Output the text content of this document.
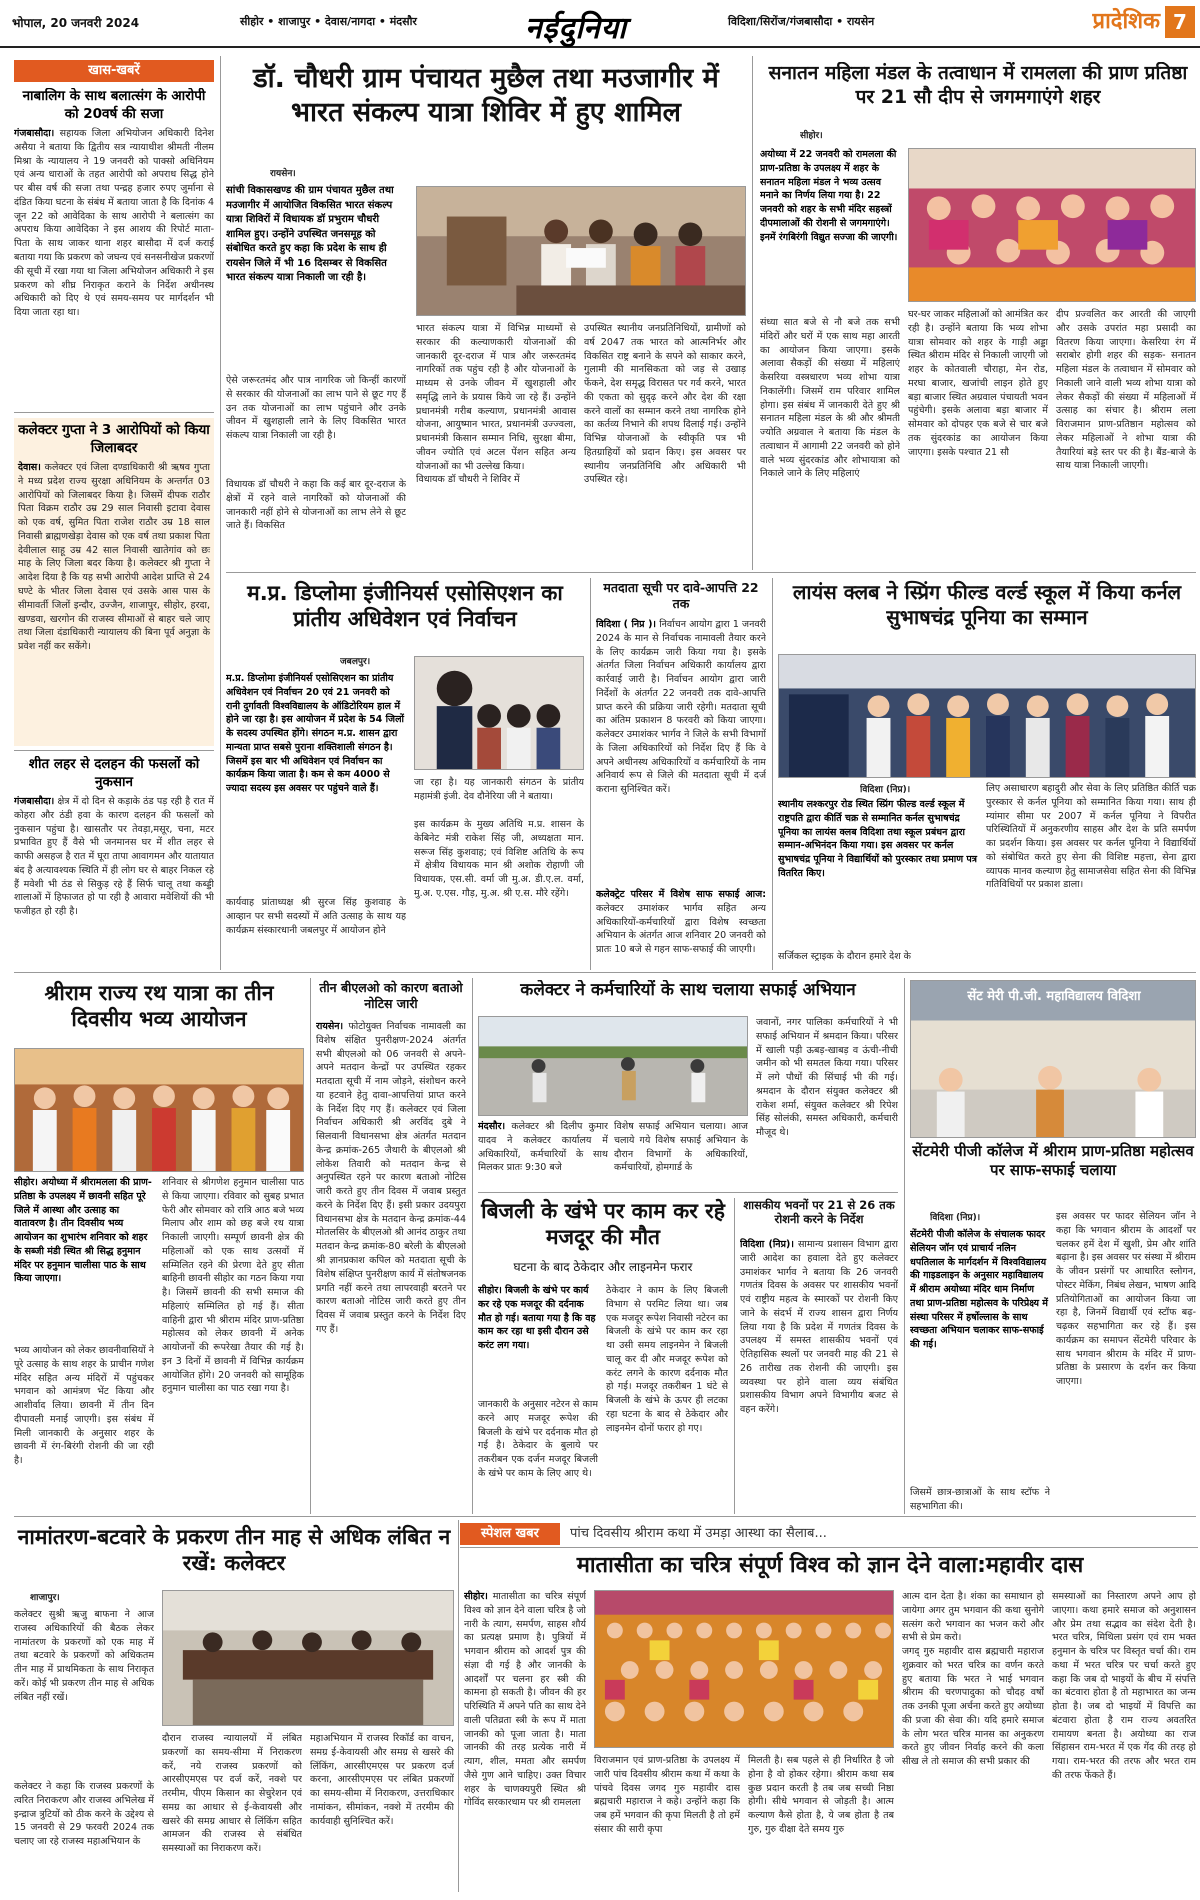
भोपाल, 20 जनवरी 2024	सीहोर • शाजापुर • देवास/नागदा • मंदसौर	नईदुनिया	विदिशा/सिरोंज/गंजबासौदा • रायसेन	प्रादेशिक 7
खास-खबरें
नाबालिग के साथ बलात्संग के आरोपी को 20वर्ष की सजा
गंजबासौदा। सहायक जिला अभियोजन अधिकारी दिनेश असैया ने बताया कि द्वितीय सत्र न्यायाधीश श्रीमती नीलम मिश्रा के न्यायालय ने 19 जनवरी को पाक्सो अधिनियम एवं अन्य धाराओं के तहत आरोपी को अपराध सिद्ध होने पर बीस वर्ष की सजा तथा पन्द्रह हजार रुपए जुर्माना से दंडित किया घटना के संबंध में बताया जाता है कि दिनांक 4 जून 22 को आवेदिका के साथ आरोपी ने बलात्संग का अपराध किया आवेदिका ने इस आशय की रिपोर्ट माता-पिता के साथ जाकर थाना शहर बासौदा में दर्ज कराई बताया गया कि प्रकरण को जघन्य एवं सनसनीखेज प्रकरणों की सूची में रखा गया था जिला अभियोजन अधिकारी ने इस प्रकरण को शीघ्र निराकृत कराने के निर्देश अधीनस्थ अधिकारी को दिए थे एवं समय-समय पर मार्गदर्शन भी दिया जाता रहा था।
कलेक्टर गुप्ता ने 3 आरोपियों को किया जिलाबदर
देवास। कलेक्टर एवं जिला दण्डाधिकारी श्री ऋषव गुप्ता ने मध्य प्रदेश राज्य सुरक्षा अधिनियम के अन्तर्गत 03 आरोपियों को जिलाबदर किया है। जिसमें दीपक राठौर पिता विक्रम राठौर उम्र 29 साल निवासी इटावा देवास को एक वर्ष, सुमित पिता राजेश राठौर उम्र 18 साल निवासी ब्राह्मणखेड़ा देवास को एक वर्ष तथा प्रकाश पिता देवीलाल साहू उम्र 42 साल निवासी खातेगांव को छः माह के लिए जिला बदर किया है। कलेक्टर श्री गुप्ता ने आदेश दिया है कि यह सभी आरोपी आदेश प्राप्ति से 24 घण्टे के भीतर जिला देवास एवं उसके आस पास के सीमावर्ती जिलों इन्दौर, उज्जैन, शाजापुर, सीहोर, हरदा, खण्डवा, खरगोन की राजस्व सीमाओं से बाहर चले जाए तथा जिला दंडाधिकारी न्यायालय की बिना पूर्व अनुज्ञा के प्रवेश नहीं कर सकेंगे।
शीत लहर से दलहन की फसलों को नुकसान
गंजबासौदा। क्षेत्र में दो दिन से कड़ाके ठंड पड़ रही है रात में कोहरा और ठंडी हवा के कारण दलहन की फसलों को नुकसान पहुंचा है। खासतौर पर तेवड़ा,मसूर, चना, मटर प्रभावित हुए हैं वैसे भी जनमानस घर में शीत लहर से काफी असहज है रात में घूरा तापा आवागमन और यातायात बंद है अत्यावश्यक स्थिति में ही लोग घर से बाहर निकल रहे हैं मवेशी भी ठंड से सिकुड़ रहे हैं सिर्फ चालू तथा कब्ड्डी शालाओं में हिफाजत हो पा रही है आवारा मवेशियों की भी फजीहत हो रही है।
डॉ. चौधरी ग्राम पंचायत मुछैल तथा मउजागीर में भारत संकल्प यात्रा शिविर में हुए शामिल
रायसेन।
सांची विकासखण्ड की ग्राम पंचायत मुछैल तथा मउजागीर में आयोजित विकसित भारत संकल्प यात्रा शिविरों में विधायक डॉ प्रभुराम चौधरी शामिल हुए। उन्होंने उपस्थित जनसमूह को संबोधित करते हुए कहा कि प्रदेश के साथ ही रायसेन जिले में भी 16 दिसम्बर से विकसित भारत संकल्प यात्रा निकाली जा रही है।
ऐसे जरूरतमंद और पात्र नागरिक जो किन्हीं कारणों से सरकार की योजनाओं का लाभ पाने से छूट गए हैं उन तक योजनाओं का लाभ पहुंचाने और उनके जीवन में खुशहाली लाने के लिए विकसित भारत संकल्प यात्रा निकाली जा रही है।
विधायक डॉ चौधरी ने कहा कि कई बार दूर-दराज के क्षेत्रों में रहने वाले नागरिकों को योजनाओं की जानकारी नहीं होने से योजनाओं का लाभ लेने से छूट जाते हैं। विकसित
भारत संकल्प यात्रा में विभिन्न माध्यमों से सरकार की कल्याणकारी योजनाओं की जानकारी दूर-दराज में पात्र और जरूरतमंद नागरिकों तक पहुंच रही है और योजनाओं के माध्यम से उनके जीवन में खुशहाली और समृद्धि लाने के प्रयास किये जा रहे हैं। उन्होंने प्रधानमंत्री गरीब कल्याण, प्रधानमंत्री आवास योजना, आयुष्मान भारत, प्रधानमंत्री उज्ज्वला, प्रधानमंत्री किसान सम्मान निधि, सुरक्षा बीमा, जीवन ज्योति एवं अटल पेंशन सहित अन्य योजनाओं का भी उल्लेख किया।
विधायक डॉ चौधरी ने शिविर में
उपस्थित स्थानीय जनप्रतिनिधियों, ग्रामीणों को वर्ष 2047 तक भारत को आत्मनिर्भर और विकसित राष्ट्र बनाने के सपने को साकार करने, गुलामी की मानसिकता को जड़ से उखाड़ फेंकने, देश समृद्ध विरासत पर गर्व करने, भारत की एकता को सुदृढ़ करने और देश की रक्षा करने वालों का सम्मान करने तथा नागरिक होने का कर्तव्य निभाने की शपथ दिलाई गई। उन्होंने विभिन्न योजनाओं के स्वीकृति पत्र भी हितग्राहियों को प्रदान किए। इस अवसर पर स्थानीय जनप्रतिनिधि और अधिकारी भी उपस्थित रहे।
सनातन महिला मंडल के तत्वाधान में रामलला की प्राण प्रतिष्ठा पर 21 सौ दीप से जगमगाएंगे शहर
सीहोर।
अयोध्या में 22 जनवरी को रामलला की प्राण-प्रतिष्ठा के उपलक्ष्य में शहर के सनातन महिला मंडल ने भव्य उत्सव मनाने का निर्णय लिया गया है। 22 जनवरी को शहर के सभी मंदिर सहस्त्रों दीपमालाओं की रोशनी से जगमगाएंगे। इनमें रंगबिरंगी विद्युत सज्जा की जाएगी।
संध्या सात बजे से नौ बजे तक सभी मंदिरों और घरों में एक साथ महा आरती का आयोजन किया जाएगा। इसके अलावा सैकड़ों की संख्या में महिलाएं केसरिया वस्त्रधारण भव्य शोभा यात्रा निकालेंगी। जिसमें राम परिवार शामिल होगा। इस संबंध में जानकारी देते हुए श्री सनातन महिला मंडल के श्री और श्रीमती ज्योति अग्रवाल ने बताया कि मंडल के तत्वाधान में आगामी 22 जनवरी को होने वाले भव्य सुंदरकांड और शोभायात्रा को निकाले जाने के लिए महिलाएं
घर-घर जाकर महिलाओं को आमंत्रित कर रही है। उन्होंने बताया कि भव्य शोभा यात्रा सोमवार को शहर के गाड़ी अड्डा स्थित श्रीराम मंदिर से निकाली जाएगी जो शहर के कोतवाली चौराहा, मेन रोड, मरघा बाजार, खजांची लाइन होते हुए बड़ा बाजार स्थित अग्रवाल पंचायती भवन पहुंचेगी। इसके अलावा बड़ा बाजार में सोमवार को दोपहर एक बजे से चार बजे तक सुंदरकांड का आयोजन किया जाएगा। इसके पश्चात 21 सौ
दीप प्रज्वलित कर आरती की जाएगी और उसके उपरांत महा प्रसादी का वितरण किया जाएगा। केसरिया रंग में सराबोर होगी शहर की सड़क- सनातन महिला मंडल के तत्वाधान में सोमवार को निकाली जाने वाली भव्य शोभा यात्रा को लेकर सैकड़ों की संख्या में महिलाओं में उत्साह का संचार है। श्रीराम लला विराजमान प्राण-प्रतिष्ठान महोत्सव को लेकर महिलाओं ने शोभा यात्रा की तैयारियां बड़े स्तर पर की है। बैंड-बाजे के साथ यात्रा निकाली जाएगी।
म.प्र. डिप्लोमा इंजीनियर्स एसोसिएशन का प्रांतीय अधिवेशन एवं निर्वाचन
जबलपुर।
म.प्र. डिप्लोमा इंजीनियर्स एसोसिएशन का प्रांतीय अधिवेशन एवं निर्वाचन 20 एवं 21 जनवरी को रानी दुर्गावती विश्वविद्यालय के ऑडिटोरियम हाल में होने जा रहा है। इस आयोजन में प्रदेश के 54 जिलों के सदस्य उपस्थित होंगे। संगठन म.प्र. शासन द्वारा मान्यता प्राप्त सबसे पुराना शक्तिशाली संगठन है। जिसमें इस बार भी अधिवेशन एवं निर्वाचन का कार्यक्रम किया जाता है। कम से कम 4000 से ज्यादा सदस्य इस अवसर पर पहुंचने वाले हैं।
कार्यवाह प्रांताध्यक्ष श्री सुरज सिंह कुशवाह के आव्हान पर सभी सदस्यों में अति उत्साह के साथ यह कार्यक्रम संस्कारधानी जबलपुर में आयोजन होने
जा रहा है। यह जानकारी संगठन के प्रांतीय महामंत्री इंजी. देव दौनेरिया जी ने बताया।
इस कार्यक्रम के मुख्य अतिथि म.प्र. शासन के केबिनेट मंत्री राकेश सिंह जी, अध्यक्षता मान. सरूज सिंह कुशवाह; एवं विशिष्ट अतिथि के रूप में क्षेत्रीय विधायक मान श्री अशोक रोहाणी जी विधायक, एस.सी. वर्मा जी मु.अ. डी.ए.ल. वर्मा, मु.अ. ए.एस. गौड़, मु.अ. श्री ए.स. मौरे रहेंगे।
मतदाता सूची पर दावे-आपत्ति 22 तक
विदिशा ( निप्र )। निर्वाचन आयोग द्वारा 1 जनवरी 2024 के मान से निर्वाचक नामावली तैयार करने के लिए कार्यक्रम जारी किया गया है। इसके अंतर्गत जिला निर्वाचन अधिकारी कार्यालय द्वारा कार्रवाई जारी है। निर्वाचन आयोग द्वारा जारी निर्देशों के अंतर्गत 22 जनवरी तक दावे-आपत्ति प्राप्त करने की प्रक्रिया जारी रहेगी। मतदाता सूची का अंतिम प्रकाशन 8 फरवरी को किया जाएगा। कलेक्टर उमाशंकर भार्गव ने जिले के सभी विभागों के जिला अधिकारियों को निर्देश दिए हैं कि वे अपने अधीनस्थ अधिकारियों व कर्मचारियों के नाम अनिवार्य रूप से जिले की मतदाता सूची में दर्ज कराना सुनिश्चित करें।
कलेक्ट्रेट परिसर में विशेष साफ सफाई आज: कलेक्टर उमाशंकर भार्गव सहित अन्य अधिकारियों-कर्मचारियों द्वारा विशेष स्वच्छता अभियान के अंतर्गत आज शनिवार 20 जनवरी को प्रातः 10 बजे से गहन साफ-सफाई की जाएगी।
लायंस क्लब ने स्प्रिंग फील्ड वर्ल्ड स्कूल में किया कर्नल सुभाषचंद्र पूनिया का सम्मान
विदिशा (निप्र)।
स्थानीय लश्करपुर रोड स्थित स्प्रिंग फील्ड वर्ल्ड स्कूल में राष्ट्रपति द्वारा कीर्ति चक्र से सम्मानित कर्नल सुभाषचंद्र पूनिया का लायंस क्लब विदिशा तथा स्कूल प्रबंधन द्वारा सम्मान-अभिनंदन किया गया। इस अवसर पर कर्नल सुभाषचंद्र पूनिया ने विद्यार्थियों को पुरस्कार तथा प्रमाण पत्र वितरित किए।
सर्जिकल स्ट्राइक के दौरान हमारे देश के
लिए असाधारण बहादुरी और सेवा के लिए प्रतिष्ठित कीर्ति चक्र पुरस्कार से कर्नल पूनिया को सम्मानित किया गया। साथ ही म्यांमार सीमा पर 2007 में कर्नल पूनिया ने विपरीत परिस्थितियों में अनुकरणीय साहस और देश के प्रति समर्पण का प्रदर्शन किया। इस अवसर पर कर्नल पूनिया ने विद्यार्थियों को संबोधित करते हुए सेना की विशिष्ट महत्ता, सेना द्वारा व्यापक मानव कल्याण हेतु सामाजसेवा सहित सेना की विभिन्न गतिविधियों पर प्रकाश डाला।
श्रीराम राज्य रथ यात्रा का तीन दिवसीय भव्य आयोजन
सीहोर। अयोध्या में श्रीरामलला की प्राण-प्रतिष्ठा के उपलक्ष्य में छावनी सहित पूरे जिले में आस्था और उत्साह का वातावरण है। तीन दिवसीय भव्य आयोजन का शुभारंभ शनिवार को शहर के सब्जी मंडी स्थित श्री सिद्ध हनुमान मंदिर पर हनुमान चालीसा पाठ के साथ किया जाएगा।
भव्य आयोजन को लेकर छावनीवासियों ने पूरे उत्साह के साथ शहर के प्राचीन गणेश मंदिर सहित अन्य मंदिरों में पहुंचकर भगवान को आमंत्रण भेंट किया और आशीर्वाद लिया। छावनी में तीन दिन दीपावली मनाई जाएगी। इस संबंध में मिली जानकारी के अनुसार शहर के छावनी में रंग-बिरंगी रोशनी की जा रही है।
शनिवार से श्रीगणेश हनुमान चालीसा पाठ से किया जाएगा। रविवार को सुबह प्रभात फेरी और सोमवार को रात्रि आठ बजे भव्य मिलाप और शाम को छह बजे रथ यात्रा निकाली जाएगी। सम्पूर्ण छावनी क्षेत्र की महिलाओं को एक साथ उत्सवों में सम्मिलित रहने की प्रेरणा देते हुए सीता बाहिनी छावनी सीहोर का गठन किया गया है। जिसमें छावनी की सभी समाज की महिलाएं सम्मिलित हो गई हैं। सीता वाहिनी द्वारा भी श्रीराम मंदिर प्राण-प्रतिष्ठा महोत्सव को लेकर छावनी में अनेक आयोजनों की रूपरेखा तैयार की गई है। इन 3 दिनों में छावनी में विभिन्न कार्यक्रम आयोजित होंगे। 20 जनवरी को सामूहिक हनुमान चालीसा का पाठ रखा गया है।
तीन बीएलओ को कारण बताओ नोटिस जारी
रायसेन। फोटोयुक्त निर्वाचक नामावली का विशेष संक्षित पुनरीक्षण-2024 अंतर्गत सभी बीएलओ को 06 जनवरी से अपने-अपने मतदान केन्द्रों पर उपस्थित रहकर मतदाता सूची में नाम जोड़ने, संशोधन करने या हटवाने हेतु दावा-आपत्तियां प्राप्त करने के निर्देश दिए गए हैं। कलेक्टर एवं जिला निर्वाचन अधिकारी श्री अरविंद दुबे ने सिलवानी विधानसभा क्षेत्र अंतर्गत मतदान केन्द्र क्रमांक-265 जैथारी के बीएलओ श्री लोकेश तिवारी को मतदान केन्द्र से अनुपस्थित रहने पर कारण बताओ नोटिस जारी करते हुए तीन दिवस में जवाब प्रस्तुत करने के निर्देश दिए हैं। इसी प्रकार उदयपुरा विधानसभा क्षेत्र के मतदान केन्द्र क्रमांक-44 मोतलसिर के बीएलओ श्री आनंद ठाकुर तथा मतदान केन्द्र क्रमांक-80 बरेली के बीएलओ श्री ज्ञानप्रकाश कपिल को मतदाता सूची के विशेष संक्षिप्त पुनरीक्षण कार्य में संतोषजनक प्रगति नहीं करने तथा लापरवाही बरतने पर कारण बताओ नोटिस जारी करते हुए तीन दिवस में जवाब प्रस्तुत करने के निर्देश दिए गए हैं।
कलेक्टर ने कर्मचारियों के साथ चलाया सफाई अभियान
मंदसौर। कलेक्टर श्री दिलीप कुमार यादव ने कलेक्टर कार्यालय में अधिकारियों, कर्मचारियों के साथ मिलकर प्रातः 9:30 बजे
विशेष सफाई अभियान चलाया। आज चलाये गये विशेष सफाई अभियान के दौरान विभागों के अधिकारियों, कर्मचारियों, होमगार्ड के
जवानों, नगर पालिका कर्मचारियों ने भी सफाई अभियान में श्रमदान किया। परिसर में खाली पड़ी ऊबड़-खाबड़ व ऊंची-नीची जमीन को भी समतल किया गया। परिसर में लगे पौधों की सिंचाई भी की गई। श्रमदान के दौरान संयुक्त कलेक्टर श्री राकेश शर्मा, संयुक्त कलेक्टर श्री रिपेश सिंह सोलंकी, समस्त अधिकारी, कर्मचारी मौजूद थे।
सेंट मेरी पी.जी. महाविद्यालय विदिशा
सेंटमेरी पीजी कॉलेज में श्रीराम प्राण-प्रतिष्ठा महोत्सव पर साफ-सफाई चलाया
बिजली के खंभे पर काम कर रहे मजदूर की मौत
घटना के बाद ठेकेदार और लाइनमेन फरार
सीहोर। बिजली के खंभे पर कार्य कर रहे एक मजदूर की दर्दनाक मौत हो गई। बताया गया है कि वह काम कर रहा था इसी दौरान उसे करंट लग गया।
जानकारी के अनुसार नटेरन से काम करने आए मजदूर रूपेश की बिजली के खंभे पर दर्दनाक मौत हो गई है। ठेकेदार के बुलाये पर तकरीबन एक दर्जन मजदूर बिजली के खंभे पर काम के लिए आए थे।
ठेकेदार ने काम के लिए बिजली विभाग से परमिट लिया था। जब एक मजदूर रूपेश निवासी नटेरन का बिजली के खंभे पर काम कर रहा था उसी समय लाइनमेन ने बिजली चालू कर दी और मजदूर रूपेश को करंट लगने के कारण दर्दनाक मौत हो गई। मजदूर तकरीबन 1 घंटे से बिजली के खंभे के ऊपर ही लटका रहा घटना के बाद से ठेकेदार और लाइनमेन दोनों फरार हो गए।
शासकीय भवनों पर 21 से 26 तक रोशनी करने के निर्देश
विदिशा (निप्र)। सामान्य प्रशासन विभाग द्वारा जारी आदेश का हवाला देते हुए कलेक्टर उमाशंकर भार्गव ने बताया कि 26 जनवरी गणतंत्र दिवस के अवसर पर शासकीय भवनों एवं राष्ट्रीय महत्व के स्मारकों पर रोशनी किए जाने के संदर्भ में राज्य शासन द्वारा निर्णय लिया गया है कि प्रदेश में गणतंत्र दिवस के उपलक्ष्य में समस्त शासकीय भवनों एवं ऐतिहासिक स्थलों पर जनवरी माह की 21 से 26 तारीख तक रोशनी की जाएगी। इस व्यवस्था पर होने वाला व्यय संबंधित प्रशासकीय विभाग अपने विभागीय बजट से वहन करेंगे।
विदिशा (निप्र)।
सेंटमेरी पीजी कॉलेज के संचालक फादर सेलियन जॉन एवं प्राचार्य नलिन धपतिलाल के मार्गदर्शन में विश्वविद्यालय की गाइडलाइन के अनुसार महाविद्यालय में श्रीराम अयोध्या मंदिर धाम निर्माण तथा प्राण-प्रतिष्ठा महोत्सव के परिप्रेक्ष्य में संस्था परिसर में हर्षोल्लास के साथ स्वच्छता अभियान चलाकर साफ-सफाई की गई।
जिसमें छात्र-छात्राओं के साथ स्टॉफ ने सहभागिता की।
इस अवसर पर फादर सेलियन जॉन ने कहा कि भगवान श्रीराम के आदर्शों पर चलकर हमें देश में खुशी, प्रेम और शांति बढ़ाना है। इस अवसर पर संस्था में श्रीराम के जीवन प्रसंगों पर आधारित स्लोगन, पोस्टर मेकिंग, निबंध लेखन, भाषण आदि प्रतियोगिताओं का आयोजन किया जा रहा है, जिनमें विद्यार्थी एवं स्टॉफ बढ़-चढ़कर सहभागिता कर रहे हैं। इस कार्यक्रम का समापन सेंटमेरी परिवार के साथ भगवान श्रीराम के मंदिर में प्राण-प्रतिष्ठा के प्रसारण के दर्शन कर किया जाएगा।
नामांतरण-बटवारे के प्रकरण तीन माह से अधिक लंबित न रखें: कलेक्टर
शाजापुर।
कलेक्टर सुश्री ऋजु बाफना ने आज राजस्व अधिकारियों की बैठक लेकर नामांतरण के प्रकरणों को एक माह में तथा बटवारे के प्रकरणों को अधिकतम तीन माह में प्राथमिकता के साथ निराकृत करें। कोई भी प्रकरण तीन माह से अधिक लंबित नहीं रखें।
कलेक्टर ने कहा कि राजस्व प्रकरणों के त्वरित निराकरण और राजस्व अभिलेख में इन्द्राज त्रुटियों को ठीक करने के उद्देश्य से 15 जनवरी से 29 फरवरी 2024 तक चलाए जा रहे राजस्व महाअभियान के
दौरान राजस्व न्यायालयों में लंबित प्रकरणों का समय-सीमा में निराकरण करें, नये राजस्व प्रकरणों को आरसीएमएस पर दर्ज करें, नक्शे पर तरमीम, पीएम किसान का सेचुरेशन एवं समग्र का आधार से ई-केवायसी और खसरे की समग्र आधार से लिंकिंग सहित आमजन की राजस्व से संबंधित समस्याओं का निराकरण करें।
महाअभियान में राजस्व रिकॉर्ड का वाचन, समग्र ई-केवायसी और समग्र से खसरे की लिंकिंग, आरसीएमएस पर प्रकरण दर्ज करना, आरसीएमएस पर लंबित प्रकरणों का समय-सीमा में निराकरण, उत्तराधिकार नामांकन, सीमांकन, नक्शे में तरमीम की कार्यवाही सुनिश्चित करें।
स्पेशल खबर	पांच दिवसीय श्रीराम कथा में उमड़ा आस्था का सैलाब...
मातासीता का चरित्र संपूर्ण विश्व को ज्ञान देने वाला:महावीर दास
सीहोर। मातासीता का चरित्र संपूर्ण विश्व को ज्ञान देने वाला चरित्र है जो नारी के त्याग, समर्पण, साहस शौर्य का प्रत्यक्ष प्रमाण है। पुत्रियों में भगवान श्रीराम को आदर्श पुत्र की संज्ञा दी गई है और जानकी के आदर्शों पर चलना हर स्त्री की कामना हो सकती है। जीवन की हर परिस्थिति में अपने पति का साथ देने वाली पतिव्रता स्त्री के रूप में माता जानकी को पूजा जाता है। माता जानकी की तरह प्रत्येक नारी में त्याग, शील, ममता और समर्पण जैसे गुण आने चाहिए। उक्त विचार शहर के चाणक्यपुरी स्थित श्री गोविंद सरकारधाम पर श्री रामलला
विराजमान एवं प्राण-प्रतिष्ठा के उपलक्ष्य में जारी पांच दिवसीय श्रीराम कथा में कथा के पांचवे दिवस जगद गुरु महावीर दास ब्रह्मचारी महाराज ने कहे। उन्होंने कहा कि जब हमें भगवान की कृपा मिलती है तो हमें संसार की सारी कृपा
मिलती है। सब पहले से ही निर्धारित है जो होना है वो होकर रहेगा। श्रीराम कथा सब कुछ प्रदान करती है तब जब सच्ची निष्ठा होगी। सीधे भगवान से जोड़ती है। आत्म कल्याण कैसे होता है, ये जब होता है तब गुरु, गुरु दीक्षा देते समय गुरु
आत्म दान देता है। शंका का समाधान हो जायेगा अगर तुम भगवान की कथा सुनोगे सत्संग करो भगवान का भजन करो और सभी से प्रेम करो।
जगद् गुरु महावीर दास ब्रह्मचारी महाराज शुक्रवार को भरत चरित्र का वर्णन करते हुए बताया कि भरत ने भाई भगवान श्रीराम की चरणपादुका को चौदह वर्षों तक उनकी पूजा अर्चना करते हुए अयोध्या की प्रजा की सेवा की। यदि हमारे समाज के लोग भरत चरित्र मानस का अनुकरण करते हुए जीवन निर्वाह करने की कला सीख ले तो समाज की सभी प्रकार की
समस्याओं का निस्तारण अपने आप हो जाएगा। कथा हमारे समाज को अनुशासन और प्रेम तथा सद्भाव का संदेश देती है। भरत चरित्र, मिथिला प्रसंग एवं राम भक्त हनुमान के चरित्र पर विस्तृत चर्चा की। राम कथा में भरत चरित्र पर चर्चा करते हुए कहा कि जब दो भाइयों के बीच में संपत्ति का बंटवारा होता है तो महाभारत का जन्म होता है। जब दो भाइयों में विपत्ति का बंटवारा होता है राम राज्य अवतरित रामायण बनता है। अयोध्या का राज सिंहासन राम-भरत में एक गेंद की तरह हो गया। राम-भरत की तरफ और भरत राम की तरफ फेंकते हैं।
